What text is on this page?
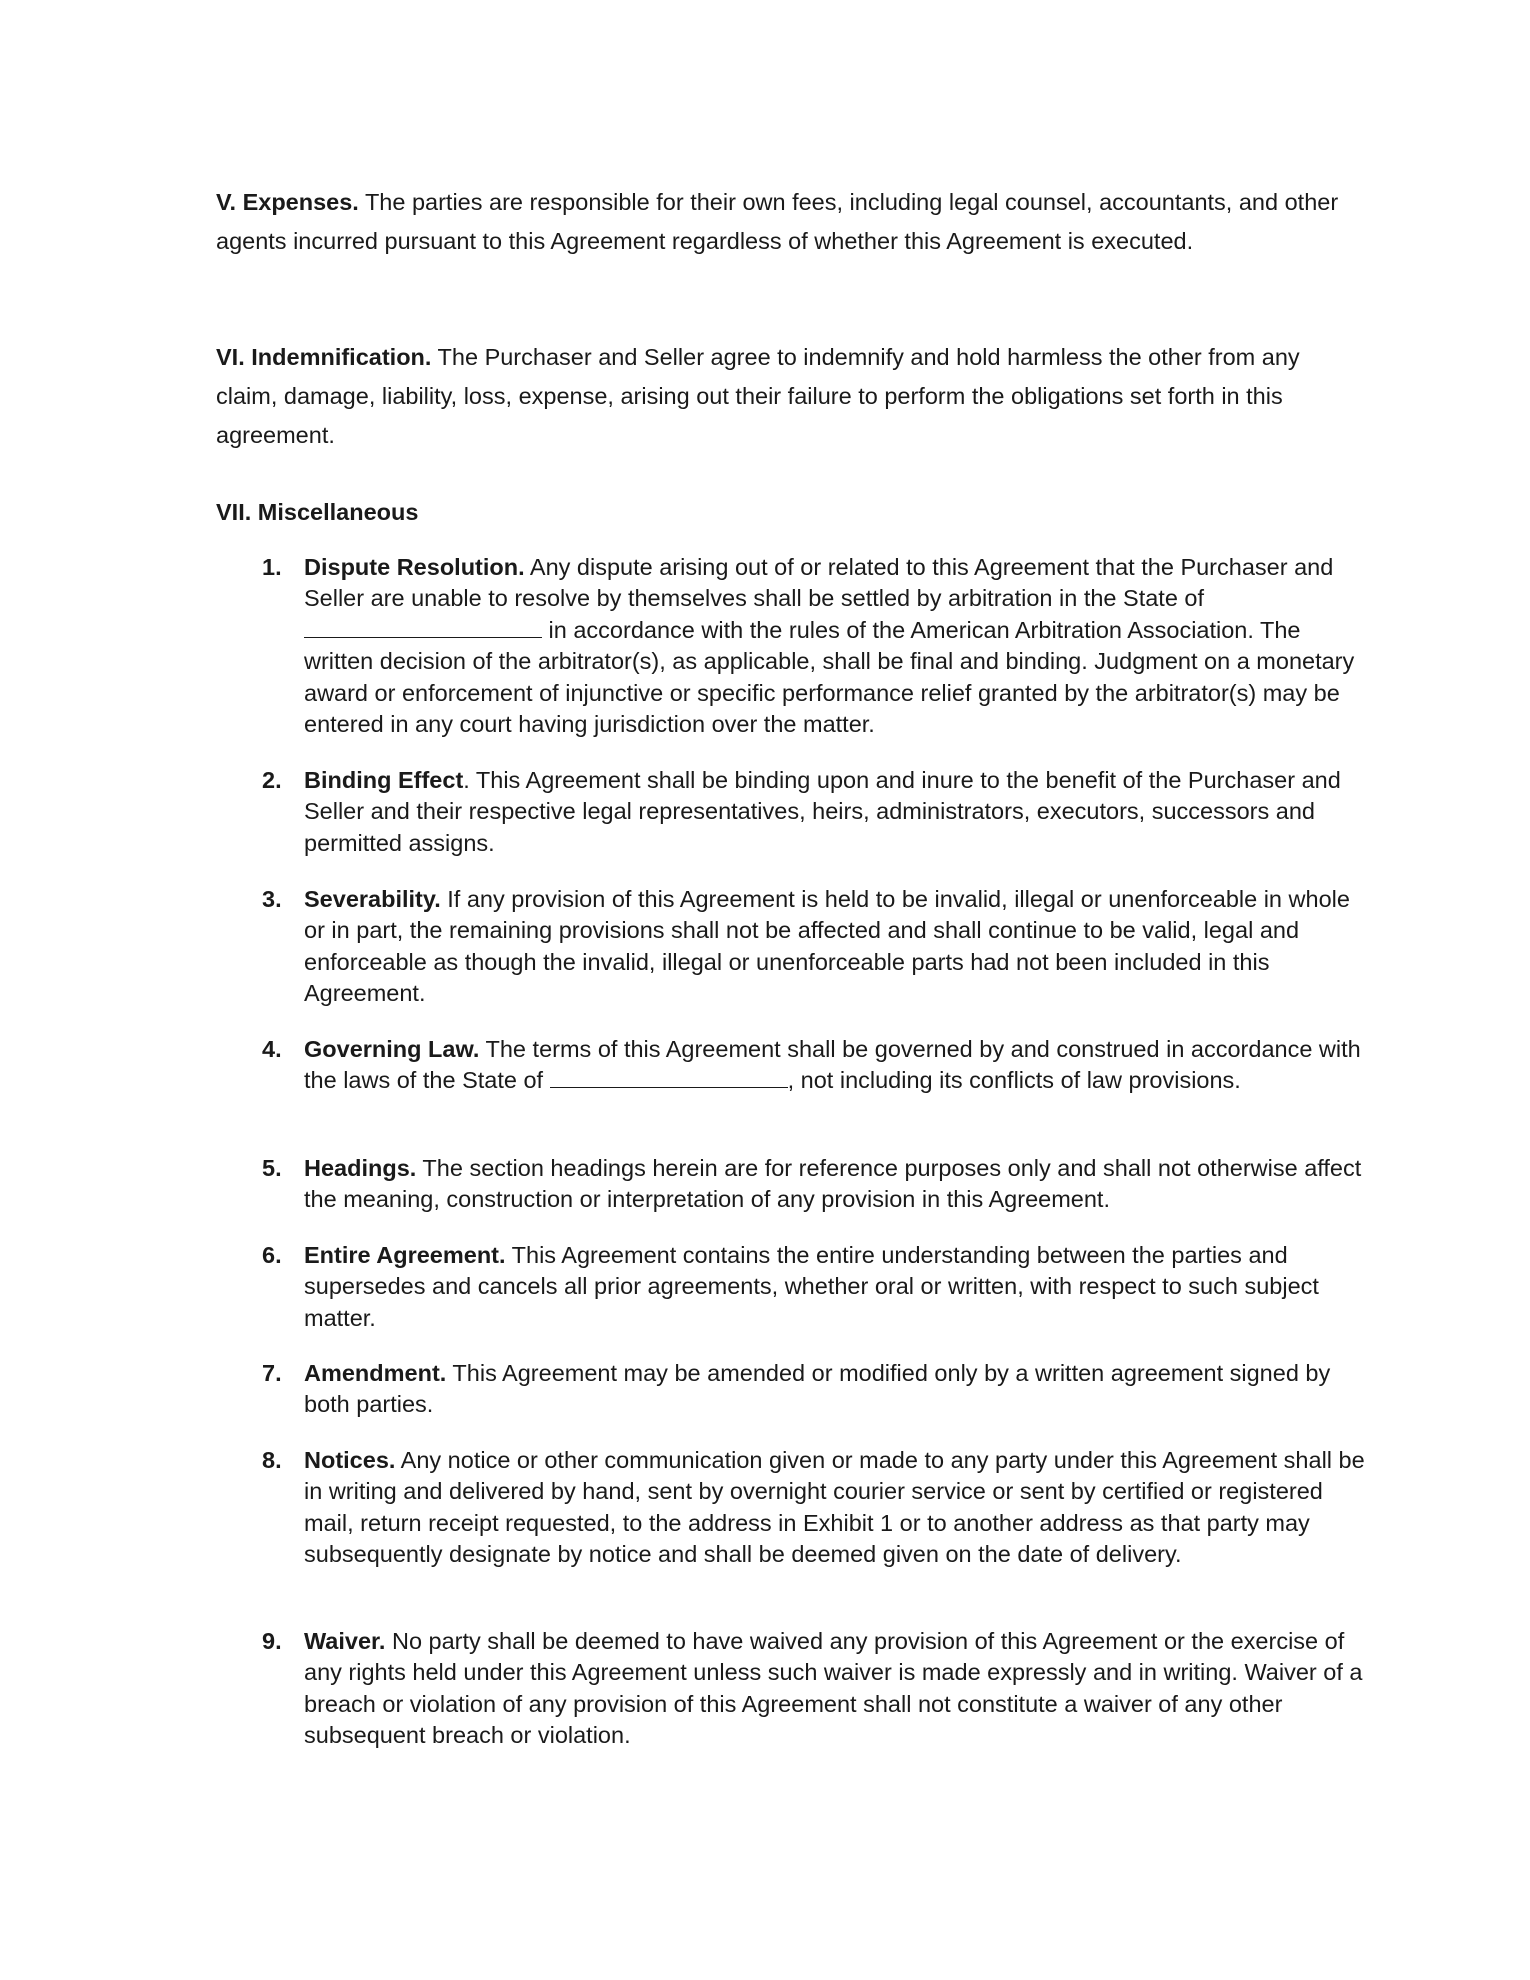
V. Expenses. The parties are responsible for their own fees, including legal counsel, accountants, and other agents incurred pursuant to this Agreement regardless of whether this Agreement is executed.
VI. Indemnification. The Purchaser and Seller agree to indemnify and hold harmless the other from any claim, damage, liability, loss, expense, arising out their failure to perform the obligations set forth in this agreement.
VII. Miscellaneous
1. Dispute Resolution. Any dispute arising out of or related to this Agreement that the Purchaser and Seller are unable to resolve by themselves shall be settled by arbitration in the State of  in accordance with the rules of the American Arbitration Association. The written decision of the arbitrator(s), as applicable, shall be final and binding. Judgment on a monetary award or enforcement of injunctive or specific performance relief granted by the arbitrator(s) may be entered in any court having jurisdiction over the matter.
2. Binding Effect. This Agreement shall be binding upon and inure to the benefit of the Purchaser and Seller and their respective legal representatives, heirs, administrators, executors, successors and permitted assigns.
3. Severability. If any provision of this Agreement is held to be invalid, illegal or unenforceable in whole or in part, the remaining provisions shall not be affected and shall continue to be valid, legal and enforceable as though the invalid, illegal or unenforceable parts had not been included in this Agreement.
4. Governing Law. The terms of this Agreement shall be governed by and construed in accordance with the laws of the State of	, not including its conflicts of law provisions.
5. Headings. The section headings herein are for reference purposes only and shall not otherwise affect the meaning, construction or interpretation of any provision in this Agreement.
6. Entire Agreement. This Agreement contains the entire understanding between the parties and supersedes and cancels all prior agreements, whether oral or written, with respect to such subject matter.
7. Amendment. This Agreement may be amended or modified only by a written agreement signed by both parties.
8. Notices. Any notice or other communication given or made to any party under this Agreement shall be in writing and delivered by hand, sent by overnight courier service or sent by certified or registered mail, return receipt requested, to the address in Exhibit 1 or to another address as that party may subsequently designate by notice and shall be deemed given on the date of delivery.
9. Waiver. No party shall be deemed to have waived any provision of this Agreement or the exercise of any rights held under this Agreement unless such waiver is made expressly and in writing. Waiver of a breach or violation of any provision of this Agreement shall not constitute a waiver of any other subsequent breach or violation.
